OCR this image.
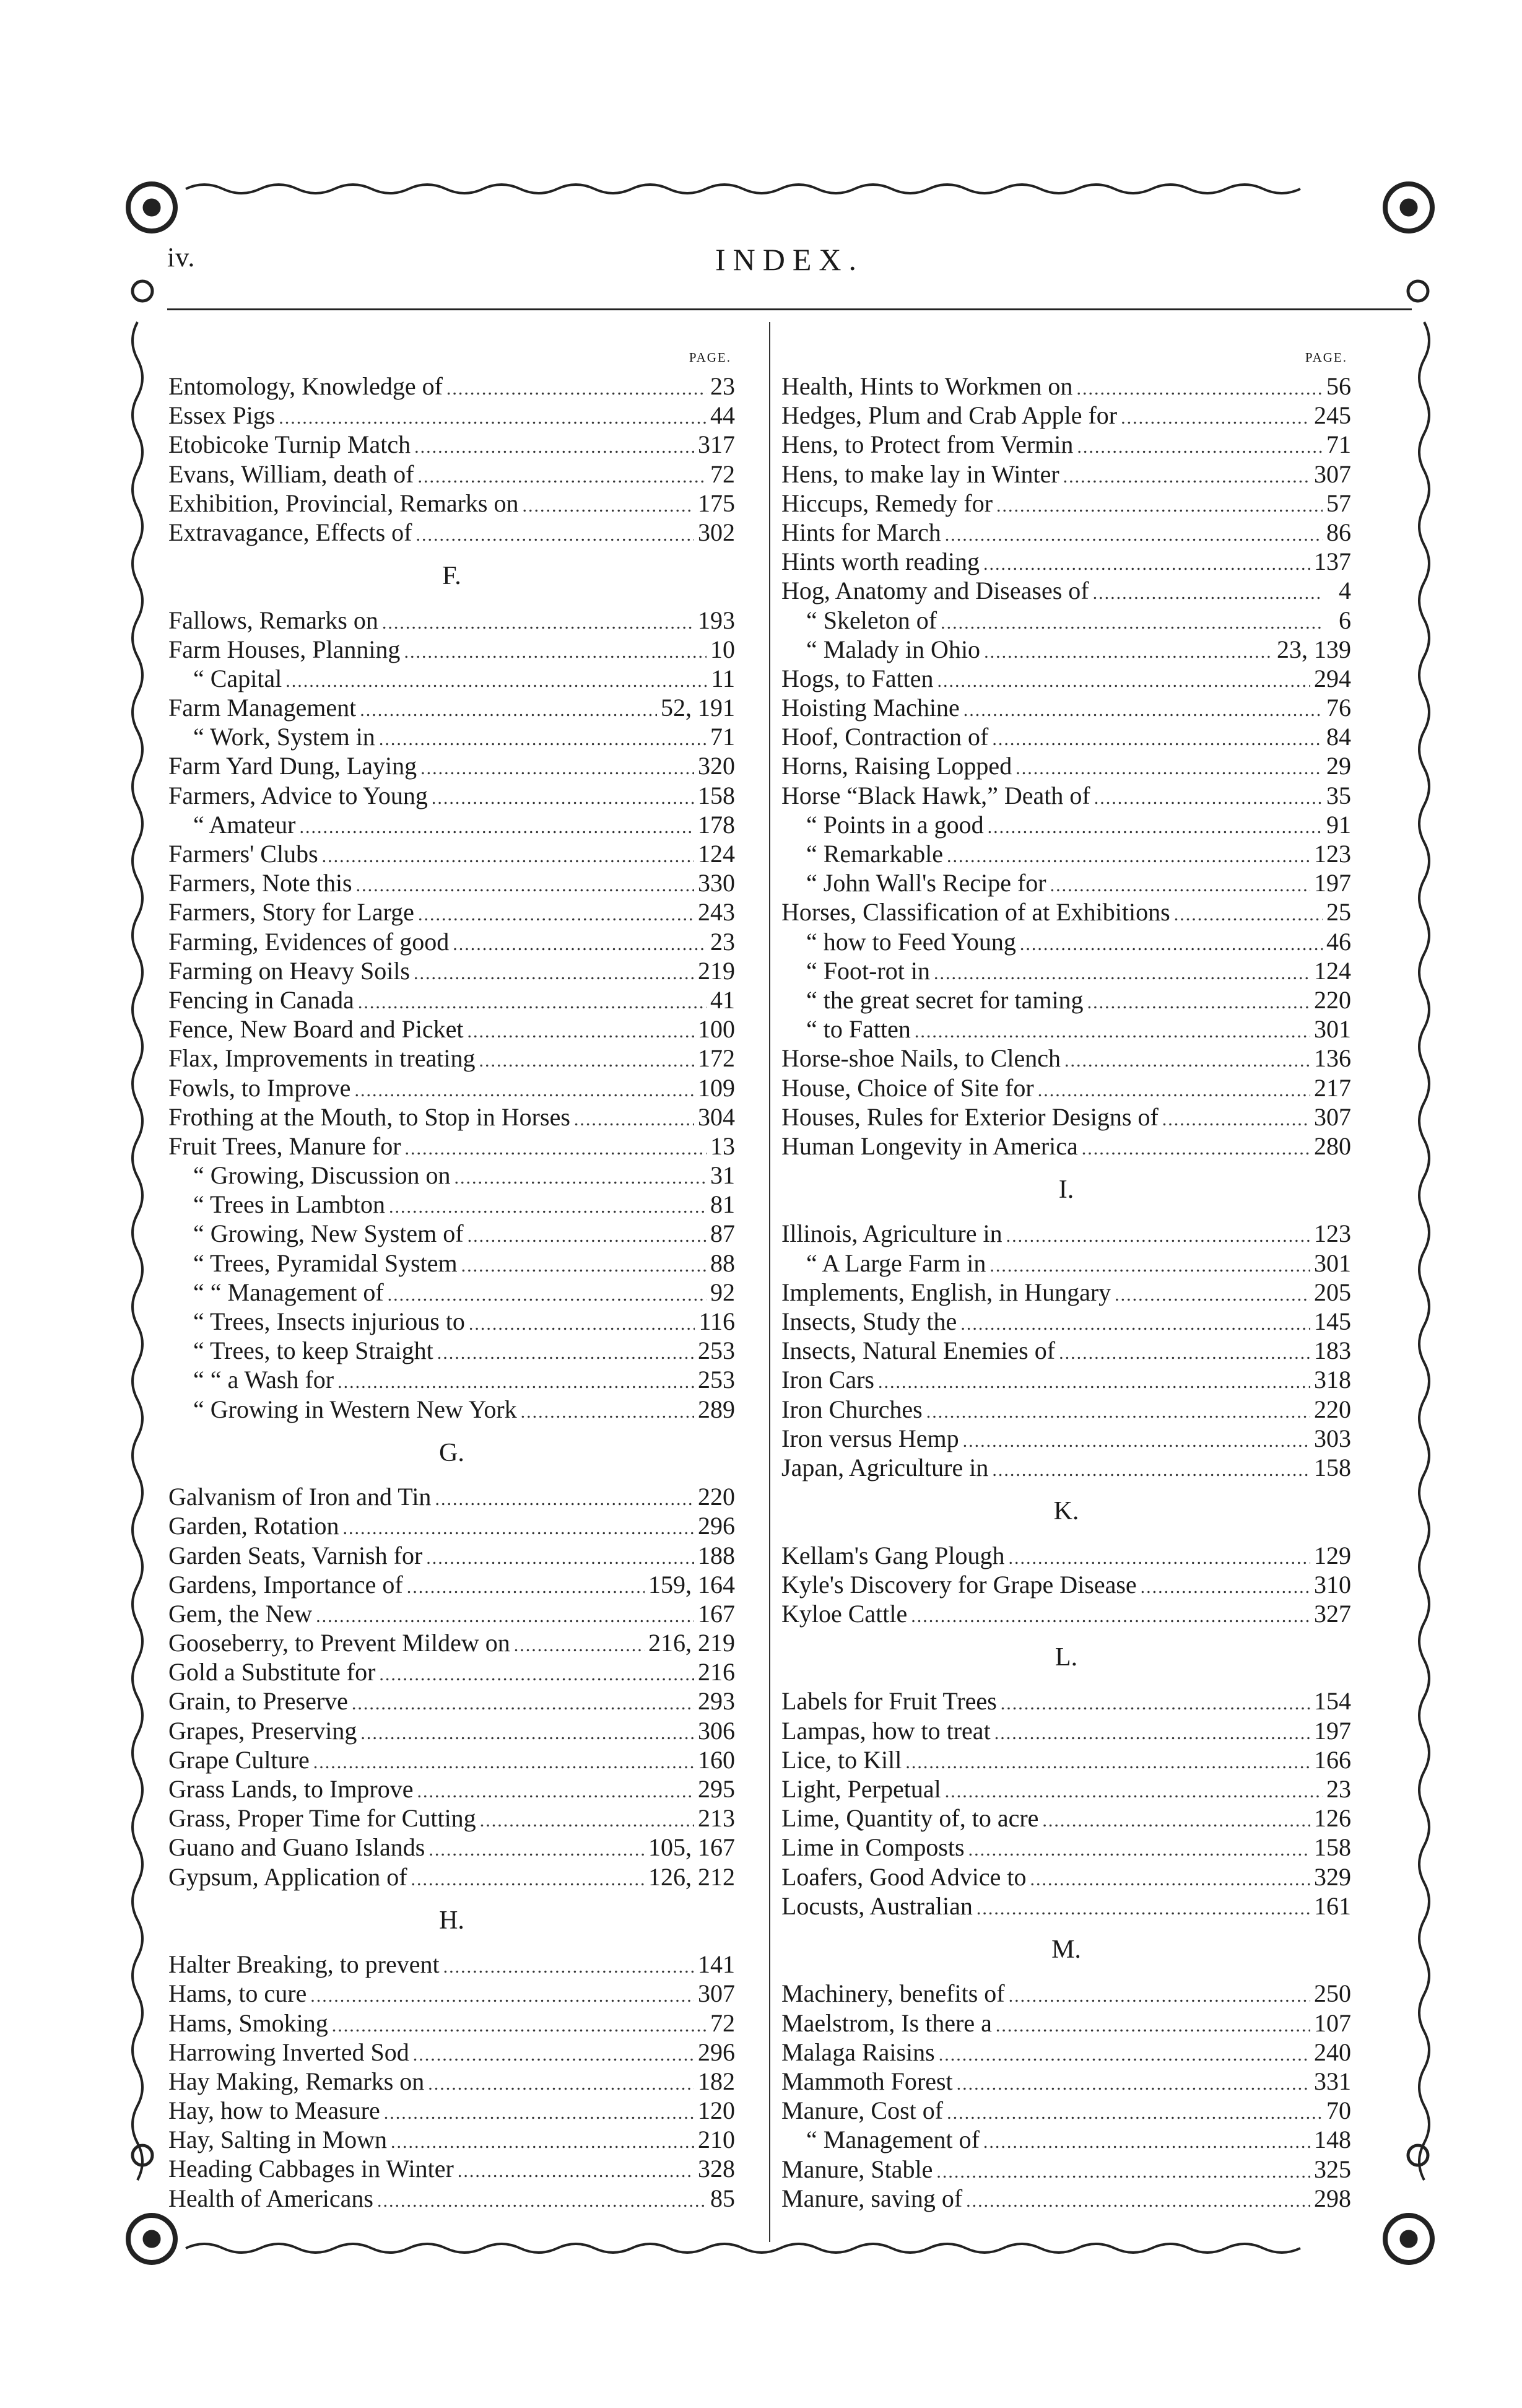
iv.	INDEX.
PAGE.
Entomology, Knowledge of .....	23
Essex Pigs .....	44
Etobicoke Turnip Match .....	317
Evans, William, death of .....	72
Exhibition, Provincial, Remarks on .....	175
Extravagance, Effects of .....	302
F.
Fallows, Remarks on .....	193
Farm Houses, Planning .....	10
“ Capital .....	11
Farm Management .....	52, 191
“ Work, System in .....	71
Farm Yard Dung, Laying .....	320
Farmers, Advice to Young .....	158
“ Amateur .....	178
Farmers' Clubs .....	124
Farmers, Note this .....	330
Farmers, Story for Large .....	243
Farming, Evidences of good .....	23
Farming on Heavy Soils .....	219
Fencing in Canada .....	41
Fence, New Board and Picket .....	100
Flax, Improvements in treating .....	172
Fowls, to Improve .....	109
Frothing at the Mouth, to Stop in Horses .....	304
Fruit Trees, Manure for .....	13
“ Growing, Discussion on .....	31
“ Trees in Lambton .....	81
“ Growing, New System of .....	87
“ Trees, Pyramidal System .....	88
“ “ Management of .....	92
“ Trees, Insects injurious to .....	116
“ Trees, to keep Straight .....	253
“ “ a Wash for .....	253
“ Growing in Western New York .....	289
G.
Galvanism of Iron and Tin .....	220
Garden, Rotation .....	296
Garden Seats, Varnish for .....	188
Gardens, Importance of .....	159, 164
Gem, the New .....	167
Gooseberry, to Prevent Mildew on .....	216, 219
Gold a Substitute for .....	216
Grain, to Preserve .....	293
Grapes, Preserving .....	306
Grape Culture .....	160
Grass Lands, to Improve .....	295
Grass, Proper Time for Cutting .....	213
Guano and Guano Islands .....	105, 167
Gypsum, Application of .....	126, 212
H.
Halter Breaking, to prevent .....	141
Hams, to cure .....	307
Hams, Smoking .....	72
Harrowing Inverted Sod .....	296
Hay Making, Remarks on .....	182
Hay, how to Measure .....	120
Hay, Salting in Mown .....	210
Heading Cabbages in Winter .....	328
Health of Americans .....	85
PAGE.
Health, Hints to Workmen on .....	56
Hedges, Plum and Crab Apple for .....	245
Hens, to Protect from Vermin .....	71
Hens, to make lay in Winter .....	307
Hiccups, Remedy for .....	57
Hints for March .....	86
Hints worth reading .....	137
Hog, Anatomy and Diseases of .....	4
“ Skeleton of .....	6
“ Malady in Ohio .....	23, 139
Hogs, to Fatten .....	294
Hoisting Machine .....	76
Hoof, Contraction of .....	84
Horns, Raising Lopped .....	29
Horse “Black Hawk,” Death of .....	35
“ Points in a good .....	91
“ Remarkable .....	123
“ John Wall's Recipe for .....	197
Horses, Classification of at Exhibitions .....	25
“ how to Feed Young .....	46
“ Foot-rot in .....	124
“ the great secret for taming .....	220
“ to Fatten .....	301
Horse-shoe Nails, to Clench .....	136
House, Choice of Site for .....	217
Houses, Rules for Exterior Designs of .....	307
Human Longevity in America .....	280
I.
Illinois, Agriculture in .....	123
“ A Large Farm in .....	301
Implements, English, in Hungary .....	205
Insects, Study the .....	145
Insects, Natural Enemies of .....	183
Iron Cars .....	318
Iron Churches .....	220
Iron versus Hemp .....	303
Japan, Agriculture in .....	158
K.
Kellam's Gang Plough .....	129
Kyle's Discovery for Grape Disease .....	310
Kyloe Cattle .....	327
L.
Labels for Fruit Trees .....	154
Lampas, how to treat .....	197
Lice, to Kill .....	166
Light, Perpetual .....	23
Lime, Quantity of, to acre .....	126
Lime in Composts .....	158
Loafers, Good Advice to .....	329
Locusts, Australian .....	161
M.
Machinery, benefits of .....	250
Maelstrom, Is there a .....	107
Malaga Raisins .....	240
Mammoth Forest .....	331
Manure, Cost of .....	70
“ Management of .....	148
Manure, Stable .....	325
Manure, saving of .....	298
